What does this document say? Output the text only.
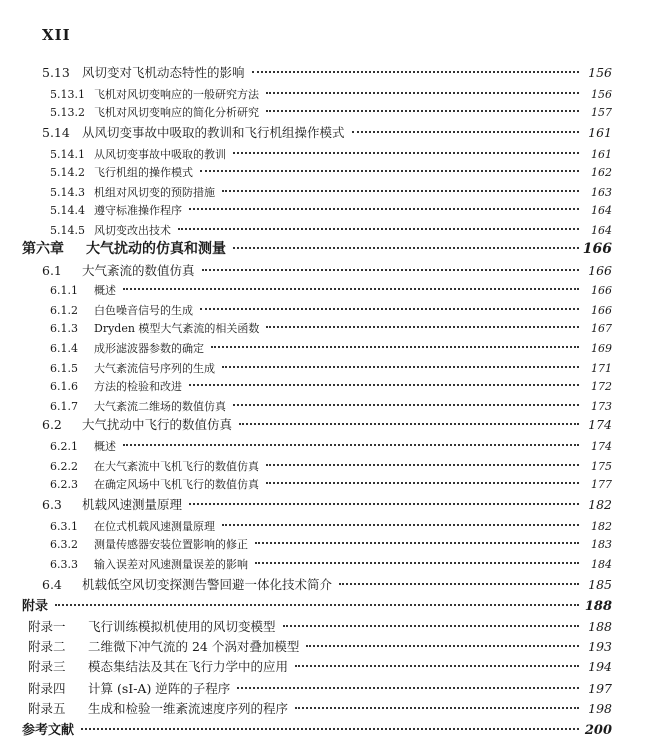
XII
5.13 风切变对飞机动态特性的影响	156
5.13.1 飞机对风切变响应的一般研究方法	156
5.13.2 飞机对风切变响应的简化分析研究	157
5.14 从风切变事故中吸取的教训和飞行机组操作模式	161
5.14.1 从风切变事故中吸取的教训	161
5.14.2 飞行机组的操作模式	162
5.14.3 机组对风切变的预防措施	163
5.14.4 遵守标准操作程序	164
5.14.5 风切变改出技术	164
第六章	大气扰动的仿真和测量	166
6.1	大气紊流的数值仿真	166
6.1.1	概述	166
6.1.2	白色噪音信号的生成	166
6.1.3	Dryden 模型大气紊流的相关函数	167
6.1.4	成形滤波器参数的确定	169
6.1.5	大气紊流信号序列的生成	171
6.1.6	方法的检验和改进	172
6.1.7	大气紊流二维场的数值仿真	173
6.2	大气扰动中飞行的数值仿真	174
6.2.1	概述	174
6.2.2	在大气紊流中飞机飞行的数值仿真	175
6.2.3	在确定风场中飞机飞行的数值仿真	177
6.3	机载风速测量原理	182
6.3.1	在位式机载风速测量原理	182
6.3.2	测量传感器安装位置影响的修正	183
6.3.3	输入误差对风速测量误差的影响	184
6.4	机载低空风切变探测告警回避一体化技术简介	185
附录	188
附录一	飞行训练模拟机使用的风切变模型	188
附录二	二维微下冲气流的 24 个涡对叠加模型	193
附录三	模态集结法及其在飞行力学中的应用	194
附录四	计算 (sI-A) 逆阵的子程序	197
附录五	生成和检验一维紊流速度序列的程序	198
参考文献	200
